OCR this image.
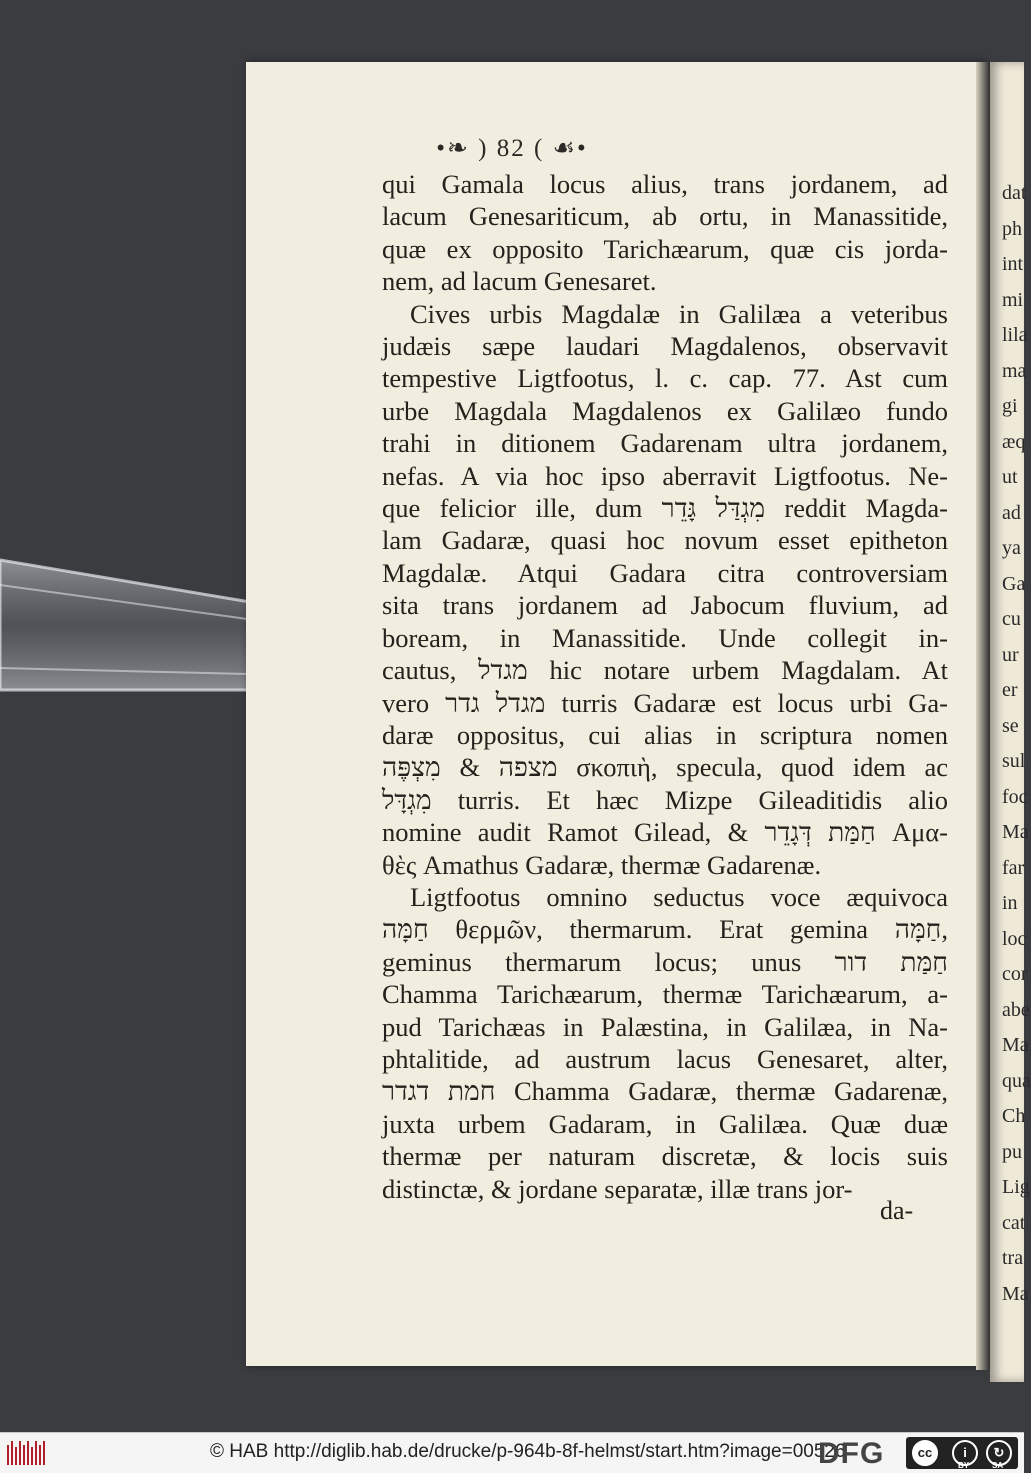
dat
ph
int
mi
lila
ma
gi
æq
ut
ad
ya
Ga
cu
ur
er
se
sul
foc
Ma
far
in
loc
cor
abe
Ma
qua
Ch
pu
Lig
cat
tra
Ma
•❧ ) 82 ( ☙•
qui Gamala locus alius, trans jordanem, ad
lacum Genesariticum, ab ortu, in Manassitide,
quæ ex opposito Tarichæarum, quæ cis jorda-
nem, ad lacum Genesaret.
Cives urbis Magdalæ in Galilæa a veteribus
judæis sæpe laudari Magdalenos, observavit
tempestive Ligtfootus, l. c. cap. 77. Ast cum
urbe Magdala Magdalenos ex Galilæo fundo
trahi in ditionem Gadarenam ultra jordanem,
nefas. A via hoc ipso aberravit Ligtfootus. Ne-
que felicior ille, dum מִגְדַּל גָּדֵר reddit Magda-
lam Gadaræ, quasi hoc novum esset epitheton
Magdalæ. Atqui Gadara citra controversiam
sita trans jordanem ad Jabocum fluvium, ad
boream, in Manassitide. Unde collegit in-
cautus, מגדל hic notare urbem Magdalam. At
vero מגדל גדר turris Gadaræ est locus urbi Ga-
daræ oppositus, cui alias in scriptura nomen
מצפה & מִצְפֶּה σκοπιὴ, specula, quod idem ac
מִגְדָּל turris. Et hæc Mizpe Gileaditidis alio
nomine audit Ramot Gilead, & חַמַּת דְּגָדֵר Αμα-
θὲς Amathus Gadaræ, thermæ Gadarenæ.
Ligtfootus omnino seductus voce æquivoca
חַמָּה θερμῶν, thermarum. Erat gemina חַמָּה,
geminus thermarum locus; unus חַמַּת דור
Chamma Tarichæarum, thermæ Tarichæarum, a-
pud Tarichæas in Palæstina, in Galilæa, in Na-
phtalitide, ad austrum lacus Genesaret, alter,
חמת דגדר Chamma Gadaræ, thermæ Gadarenæ,
juxta urbem Gadaram, in Galilæa. Quæ duæ
thermæ per naturam discretæ, & locis suis
distinctæ, & jordane separatæ, illæ trans jor-
da-
© HAB http://diglib.hab.de/drucke/p-964b-8f-helmst/start.htm?image=00526
DFG	cc	i	↻
BY	SA
